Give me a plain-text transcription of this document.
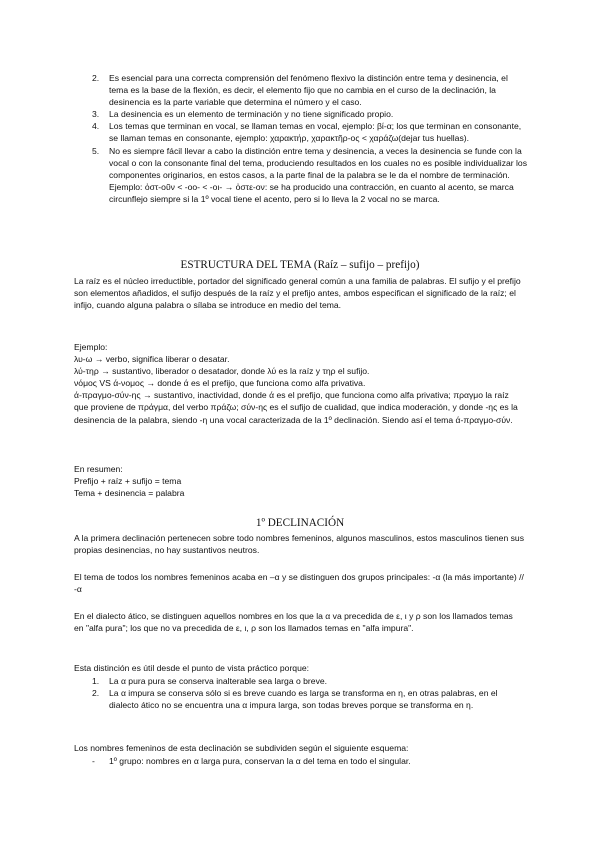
2. Es esencial para una correcta comprensión del fenómeno flexivo la distinción entre tema y desinencia, el tema es la base de la flexión, es decir, el elemento fijo que no cambia en el curso de la declinación, la desinencia es la parte variable que determina el número y el caso.
3. La desinencia es un elemento de terminación y no tiene significado propio.
4. Los temas que terminan en vocal, se llaman temas en vocal, ejemplo: βί-α; los que terminan en consonante, se llaman temas en consonante, ejemplo: χαρακτήρ, χαρακτῆρ-ος < χαράζω(dejar tus huellas).
5. No es siempre fácil llevar a cabo la distinción entre tema y desinencia, a veces la desinencia se funde con la vocal o con la consonante final del tema, produciendo resultados en los cuales no es posible individualizar los componentes originarios, en estos casos, a la parte final de la palabra se le da el nombre de terminación. Ejemplo: ὀστ-οῦν < -οο- < -οι- → ὀστε-ον: se ha producido una contracción, en cuanto al acento, se marca circunflejo siempre si la 1º vocal tiene el acento, pero si lo lleva la 2 vocal no se marca.
ESTRUCTURA DEL TEMA (Raíz – sufijo – prefijo)

La raíz es el núcleo irreductible, portador del significado general común a una familia de palabras. El sufijo y el prefijo son elementos añadidos, el sufijo después de la raíz y el prefijo antes, ambos especifican el significado de la raíz; el infijo, cuando alguna palabra o sílaba se introduce en medio del tema.

Ejemplo:

λυ-ω → verbo, significa liberar o desatar.

λύ-τηρ → sustantivo, liberador o desatador, donde λύ es la raíz y τηρ el sufijo.

νόμος VS ά-νομος → donde ά es el prefijo, que funciona como alfa privativa.

ά-πραγμο-σύν-ης → sustantivo, inactividad, donde ά es el prefijo, que funciona como alfa privativa; πραγμο la raíz que proviene de πράγμα, del verbo πράζω; σύν-ης es el sufijo de cualidad, que indica moderación, y donde -ης es la desinencia de la palabra, siendo -η una vocal caracterizada de la 1º declinación. Siendo así el tema ά-πραγμο-σύν.

En resumen:

Prefijo + raíz + sufijo = tema

Tema + desinencia = palabra

1º DECLINACIÓN

A la primera declinación pertenecen sobre todo nombres femeninos, algunos masculinos, estos masculinos tienen sus propias desinencias, no hay sustantivos neutros.

El tema de todos los nombres femeninos acaba en –α y se distinguen dos grupos principales: -α (la más importante) // -α

En el dialecto ático, se distinguen aquellos nombres en los que la α va precedida de ε, ι y ρ son los llamados temas en "alfa pura"; los que no va precedida de ε, ι, ρ son los llamados temas en "alfa impura".

Esta distinción es útil desde el punto de vista práctico porque:

1. La α pura pura se conserva inalterable sea larga o breve.
2. La α impura se conserva sólo si es breve cuando es larga se transforma en η, en otras palabras, en el dialecto ático no se encuentra una α impura larga, son todas breves porque se transforma en η.

Los nombres femeninos de esta declinación se subdividen según el siguiente esquema:

-	1º grupo: nombres en α larga pura, conservan la α del tema en todo el singular.
